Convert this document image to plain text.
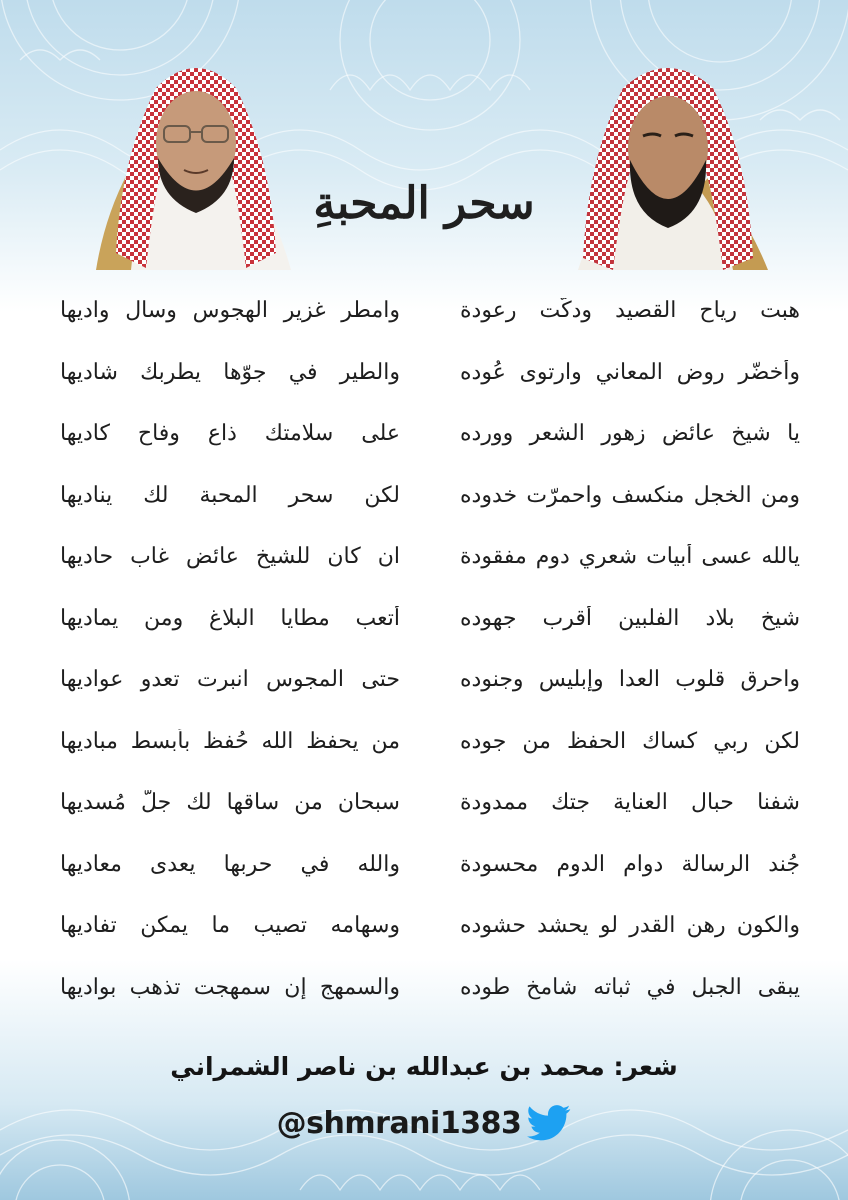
سحر المحبةِ
هبت رياح القصيد ودكّت رعودة
وامطر غزير الهجوس وسال واديها
وأخضّر روض المعاني وارتوى عُوده
والطير في جوّها يطربك شاديها
يا شيخ عائض زهور الشعر وورده
على سلامتك ذاع وفاح كاديها
ومن الخجل منكسف واحمرّت خدوده
لكن سحر المحبة لك يناديها
يالله عسى أبيات شعري دوم مفقودة
ان كان للشيخ عائض غاب حاديها
شيخٍ بلاد الفلبين أقرب جهوده
أتعب مطايا البلاغ ومن يماديها
واحرق قلوب العدا وإبليس وجنوده
حتى المجوس انبرت تعدو عواديها
لكن ربي كساك الحفظ من جوده
من يحفظ الله حُفظ بأبسط مباديها
شفنا حبال العناية جتك ممدودة
سبحان من ساقها لك جلّ مُسديها
جُند الرسالة دوام الدوم محسودة
والله في حربها يعدى معاديها
والكون رهن القدر لو يحشد حشوده
وسهامه تصيب ما يمكن تفاديها
يبقى الجبل في ثباته شامخٍ طوده
والسمهج إن سمهجت تذهب بواديها
شعر: محمد بن عبدالله بن ناصر الشمراني
@shmrani1383
